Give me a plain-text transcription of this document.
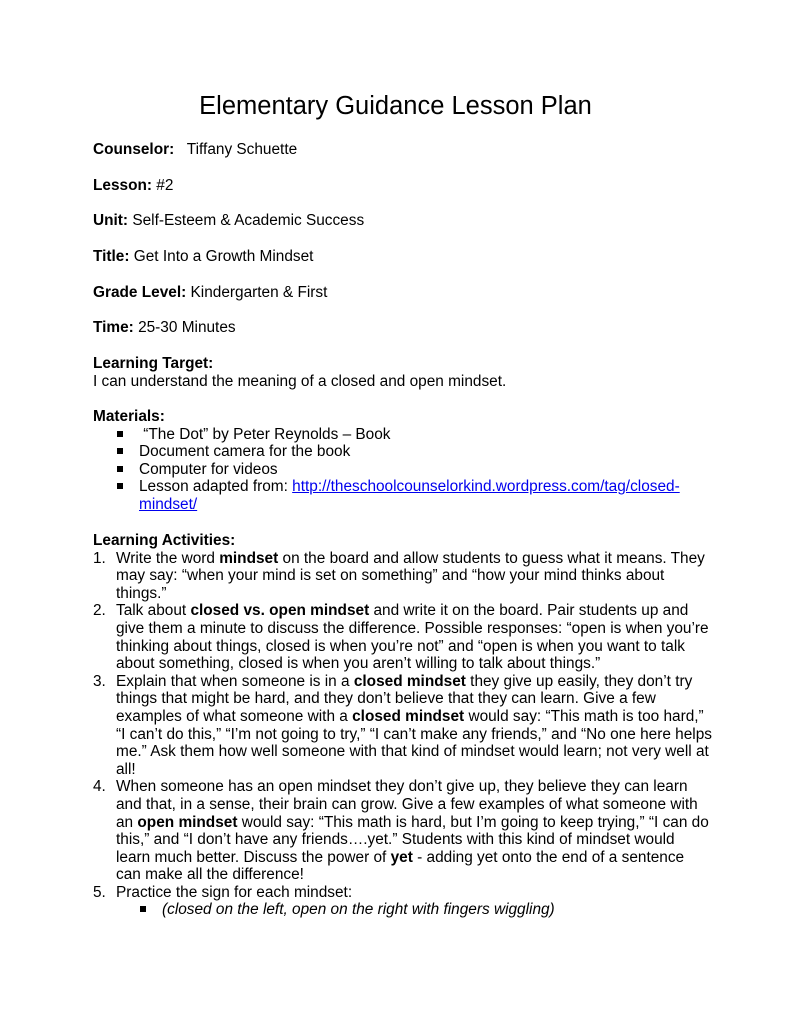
Elementary Guidance Lesson Plan
Counselor: Tiffany Schuette
Lesson: #2
Unit: Self-Esteem & Academic Success
Title: Get Into a Growth Mindset
Grade Level: Kindergarten & First
Time: 25-30 Minutes
Learning Target:
I can understand the meaning of a closed and open mindset.
Materials:
“The Dot” by Peter Reynolds – Book
Document camera for the book
Computer for videos
Lesson adapted from: http://theschoolcounselorkind.wordpress.com/tag/closed-mindset/
Learning Activities:
1. Write the word mindset on the board and allow students to guess what it means. They may say: “when your mind is set on something” and “how your mind thinks about things.”
2. Talk about closed vs. open mindset and write it on the board. Pair students up and give them a minute to discuss the difference. Possible responses: “open is when you’re thinking about things, closed is when you’re not” and “open is when you want to talk about something, closed is when you aren’t willing to talk about things.”
3. Explain that when someone is in a closed mindset they give up easily, they don’t try things that might be hard, and they don’t believe that they can learn. Give a few examples of what someone with a closed mindset would say: “This math is too hard,” “I can’t do this,” “I’m not going to try,” “I can’t make any friends,” and “No one here helps me.” Ask them how well someone with that kind of mindset would learn; not very well at all!
4. When someone has an open mindset they don’t give up, they believe they can learn and that, in a sense, their brain can grow. Give a few examples of what someone with an open mindset would say: “This math is hard, but I’m going to keep trying,” “I can do this,” and “I don’t have any friends….yet.” Students with this kind of mindset would learn much better. Discuss the power of yet - adding yet onto the end of a sentence can make all the difference!
5. Practice the sign for each mindset:
(closed on the left, open on the right with fingers wiggling)
